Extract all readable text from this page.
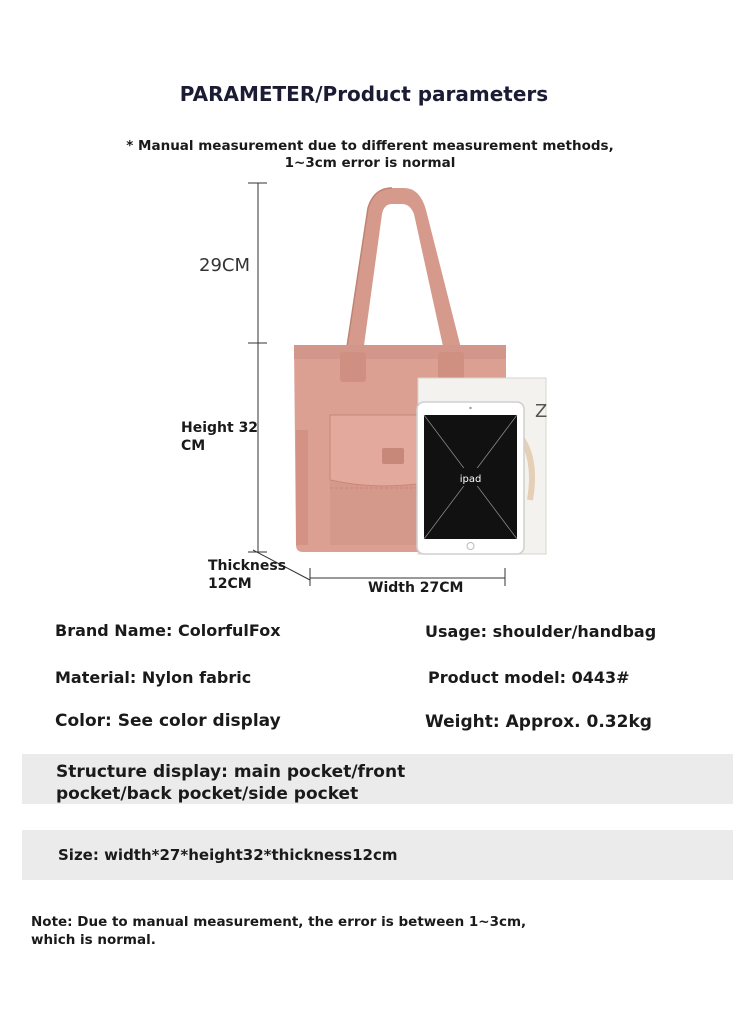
PARAMETER/Product parameters
* Manual measurement due to different measurement methods, 1~3cm error is normal
Z
ipad
29CM
Height 32 CM
Thickness 12CM	Width 27CM
Brand Name: ColorfulFox	Usage: shoulder/handbag
Material: Nylon fabric	Product model: 0443#
Color: See color display	Weight: Approx. 0.32kg
Structure display: main pocket/front pocket/back pocket/side pocket
Size: width*27*height32*thickness12cm
Note: Due to manual measurement, the error is between 1~3cm, which is normal.
